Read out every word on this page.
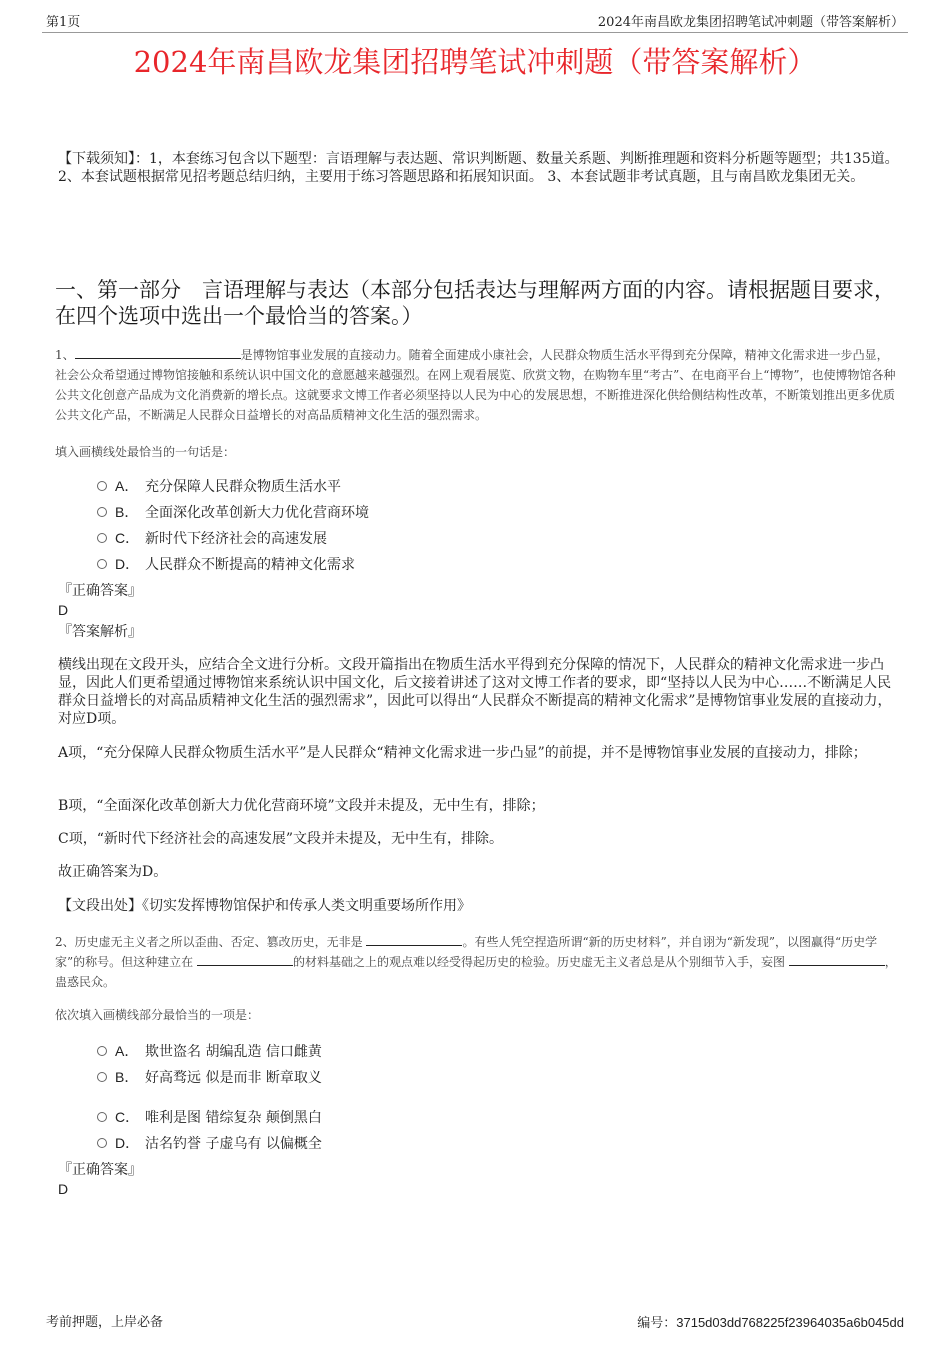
第1页	2024年南昌欧龙集团招聘笔试冲刺题（带答案解析）
2024年南昌欧龙集团招聘笔试冲刺题（带答案解析）
【下载须知】：1，本套练习包含以下题型：言语理解与表达题、常识判断题、数量关系题、判断推理题和资料分析题等题型；共135道。 2、本套试题根据常见招考题总结归纳，主要用于练习答题思路和拓展知识面。 3、本套试题非考试真题，且与南昌欧龙集团无关。
一、第一部分　言语理解与表达（本部分包括表达与理解两方面的内容。请根据题目要求，在四个选项中选出一个最恰当的答案。）
1、	是博物馆事业发展的直接动力。随着全面建成小康社会，人民群众物质生活水平得到充分保障，精神文化需求进一步凸显，社会公众希望通过博物馆接触和系统认识中国文化的意愿越来越强烈。在网上观看展览、欣赏文物，在购物车里“考古”、在电商平台上“博物”，也使博物馆各种公共文化创意产品成为文化消费新的增长点。这就要求文博工作者必须坚持以人民为中心的发展思想，不断推进深化供给侧结构性改革，不断策划推出更多优质公共文化产品，不断满足人民群众日益增长的对高品质精神文化生活的强烈需求。
填入画横线处最恰当的一句话是：
A． 充分保障人民群众物质生活水平
B． 全面深化改革创新大力优化营商环境
C． 新时代下经济社会的高速发展
D． 人民群众不断提高的精神文化需求
『正确答案』
D
『答案解析』
横线出现在文段开头，应结合全文进行分析。文段开篇指出在物质生活水平得到充分保障的情况下，人民群众的精神文化需求进一步凸显，因此人们更希望通过博物馆来系统认识中国文化，后文接着讲述了这对文博工作者的要求，即“坚持以人民为中心……不断满足人民群众日益增长的对高品质精神文化生活的强烈需求”，因此可以得出“人民群众不断提高的精神文化需求”是博物馆事业发展的直接动力，对应D项。
A项，“充分保障人民群众物质生活水平”是人民群众“精神文化需求进一步凸显”的前提，并不是博物馆事业发展的直接动力，排除；
B项，“全面深化改革创新大力优化营商环境”文段并未提及，无中生有，排除；
C项，“新时代下经济社会的高速发展”文段并未提及，无中生有，排除。
故正确答案为D。
【文段出处】《切实发挥博物馆保护和传承人类文明重要场所作用》
2、历史虚无主义者之所以歪曲、否定、篡改历史，无非是	。有些人凭空捏造所谓“新的历史材料”，并自诩为“新发现”，以图赢得“历史学家”的称号。但这种建立在	的材料基础之上的观点难以经受得起历史的检验。历史虚无主义者总是从个别细节入手，妄图	，蛊惑民众。
依次填入画横线部分最恰当的一项是：
A． 欺世盗名 胡编乱造 信口雌黄
B． 好高骛远 似是而非 断章取义
C． 唯利是图 错综复杂 颠倒黑白
D． 沽名钓誉 子虚乌有 以偏概全
『正确答案』
D
考前押题，上岸必备	编号：3715d03dd768225f23964035a6b045dd
